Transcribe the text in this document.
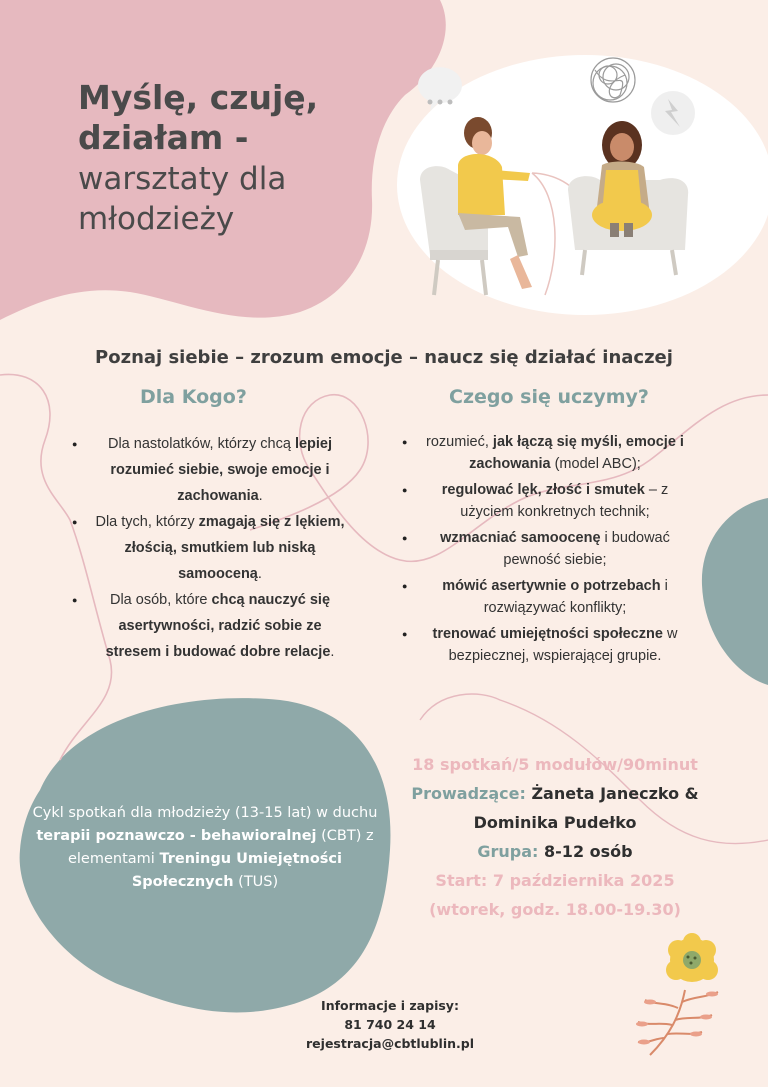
Myślę, czuję,
działam -
warsztaty dla
młodzieży
Poznaj siebie – zrozum emocje – naucz się działać inaczej
Dla Kogo?	Czego się uczymy?
● Dla nastolatków, którzy chcą lepiej rozumieć siebie, swoje emocje i zachowania.
● Dla tych, którzy zmagają się z lękiem, złością, smutkiem lub niską samooceną.
● Dla osób, które chcą nauczyć się asertywności, radzić sobie ze stresem i budować dobre relacje.
● rozumieć, jak łączą się myśli, emocje i zachowania (model ABC);
● regulować lęk, złość i smutek – z użyciem konkretnych technik;
● wzmacniać samoocenę i budować pewność siebie;
● mówić asertywnie o potrzebach i rozwiązywać konflikty;
● trenować umiejętności społeczne w bezpiecznej, wspierającej grupie.
Cykl spotkań dla młodzieży (13-15 lat) w duchu terapii poznawczo - behawioralnej (CBT) z elementami Treningu Umiejętności Społecznych (TUS)
18 spotkań/5 modułów/90minut
Prowadzące: Żaneta Janeczko & Dominika Pudełko
Grupa: 8-12 osób
Start: 7 października 2025
(wtorek, godz. 18.00-19.30)
Informacje i zapisy:
81 740 24 14
rejestracja@cbtlublin.pl
